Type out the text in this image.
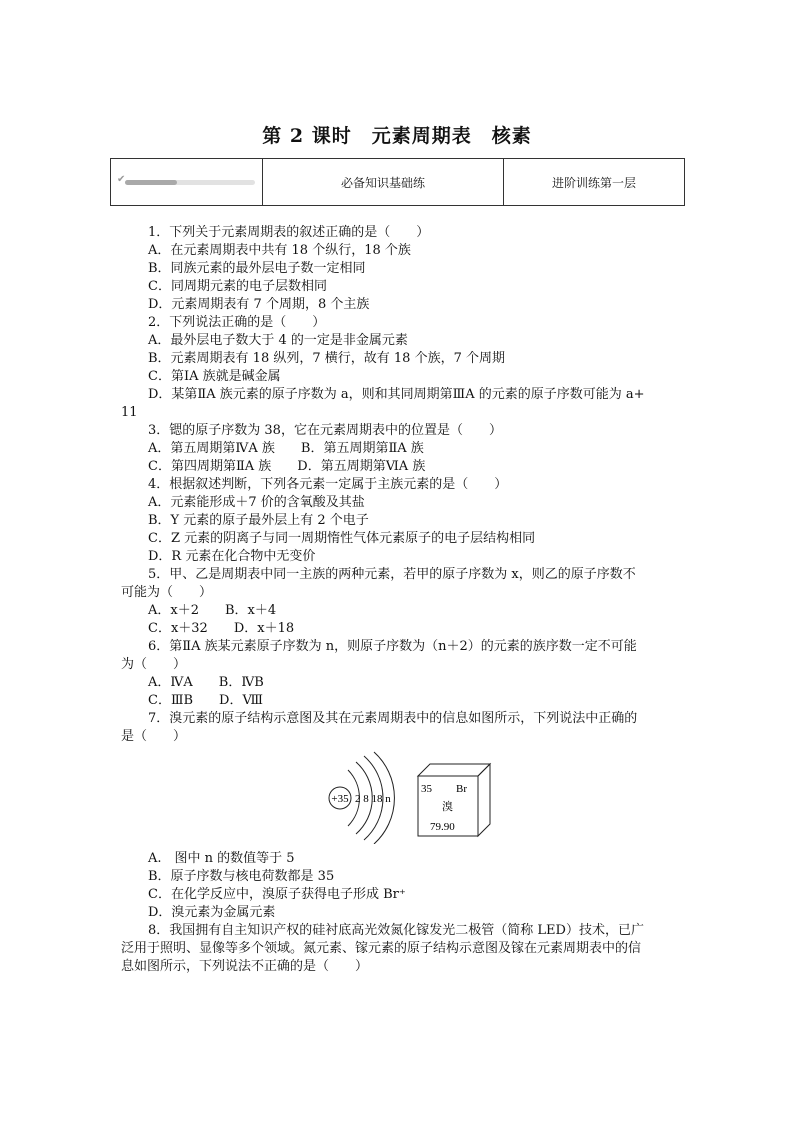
第 2 课时　元素周期表　核素
✔	必备知识基础练	进阶训练第一层
1．下列关于元素周期表的叙述正确的是（　　）
A．在元素周期表中共有 18 个纵行，18 个族
B．同族元素的最外层电子数一定相同
C．同周期元素的电子层数相同
D．元素周期表有 7 个周期，8 个主族
2．下列说法正确的是（　　）
A．最外层电子数大于 4 的一定是非金属元素
B．元素周期表有 18 纵列，7 横行，故有 18 个族，7 个周期
C．第ⅠA 族就是碱金属
D．某第ⅡA 族元素的原子序数为 a，则和其同周期第ⅢA 的元素的原子序数可能为 a+
11
3．锶的原子序数为 38，它在元素周期表中的位置是（　　）
A．第五周期第ⅣA 族　　B．第五周期第ⅡA 族
C．第四周期第ⅡA 族　　D．第五周期第ⅥA 族
4．根据叙述判断，下列各元素一定属于主族元素的是（　　）
A．元素能形成＋7 价的含氧酸及其盐
B．Y 元素的原子最外层上有 2 个电子
C．Z 元素的阴离子与同一周期惰性气体元素原子的电子层结构相同
D．R 元素在化合物中无变价
5．甲、乙是周期表中同一主族的两种元素，若甲的原子序数为 x，则乙的原子序数不
可能为（　　）
A．x＋2　　B．x＋4
C．x＋32　　D．x＋18
6．第ⅡA 族某元素原子序数为 n，则原子序数为（n＋2）的元素的族序数一定不可能
为（　　）
A．ⅣA　　B．ⅣB
C．ⅢB　　D．Ⅷ
7．溴元素的原子结构示意图及其在元素周期表中的信息如图所示，下列说法中正确的
是（　　）
A.　图中 n 的数值等于 5
B．原子序数与核电荷数都是 35
C．在化学反应中，溴原子获得电子形成 Br⁺
D．溴元素为金属元素
8．我国拥有自主知识产权的硅衬底高光效氮化镓发光二极管（简称 LED）技术，已广
泛用于照明、显像等多个领域。氮元素、镓元素的原子结构示意图及镓在元素周期表中的信
息如图所示，下列说法不正确的是（　　）
+35 2 8 18 n
35 Br
溴
79.90
